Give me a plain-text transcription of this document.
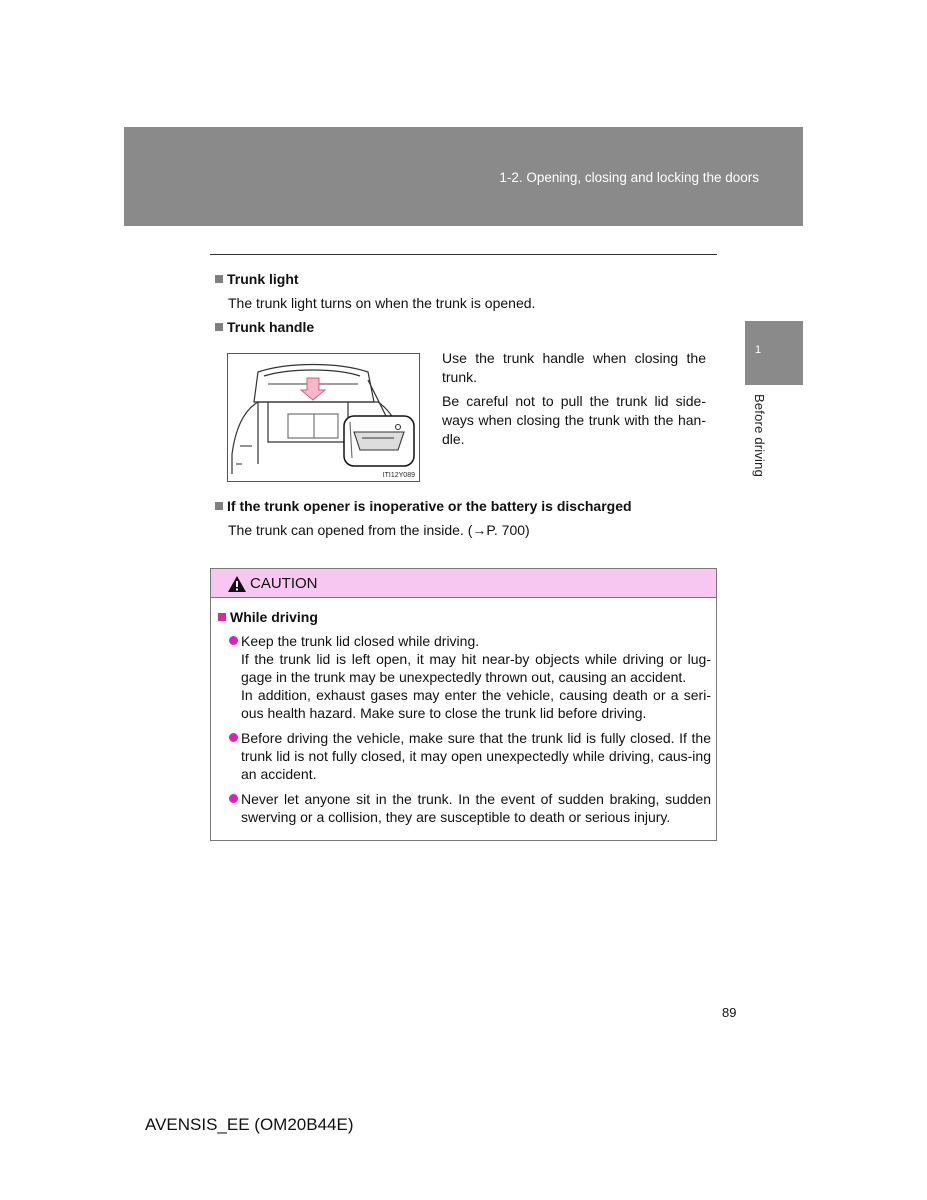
1-2. Opening, closing and locking the doors
1
Before driving
Trunk light
The trunk light turns on when the trunk is opened.
Trunk handle
ITI12Y089
Use the trunk handle when closing the trunk.
Be careful not to pull the trunk lid side-ways when closing the trunk with the han-dle.
If the trunk opener is inoperative or the battery is discharged
The trunk can opened from the inside. (→P. 700)
CAUTION
While driving

Keep the trunk lid closed while driving.

If the trunk lid is left open, it may hit near-by objects while driving or lug-gage in the trunk may be unexpectedly thrown out, causing an accident.

In addition, exhaust gases may enter the vehicle, causing death or a seri-ous health hazard. Make sure to close the trunk lid before driving.

Before driving the vehicle, make sure that the trunk lid is fully closed. If the trunk lid is not fully closed, it may open unexpectedly while driving, caus-ing an accident.

Never let anyone sit in the trunk. In the event of sudden braking, sudden swerving or a collision, they are susceptible to death or serious injury.

89
AVENSIS_EE (OM20B44E)
